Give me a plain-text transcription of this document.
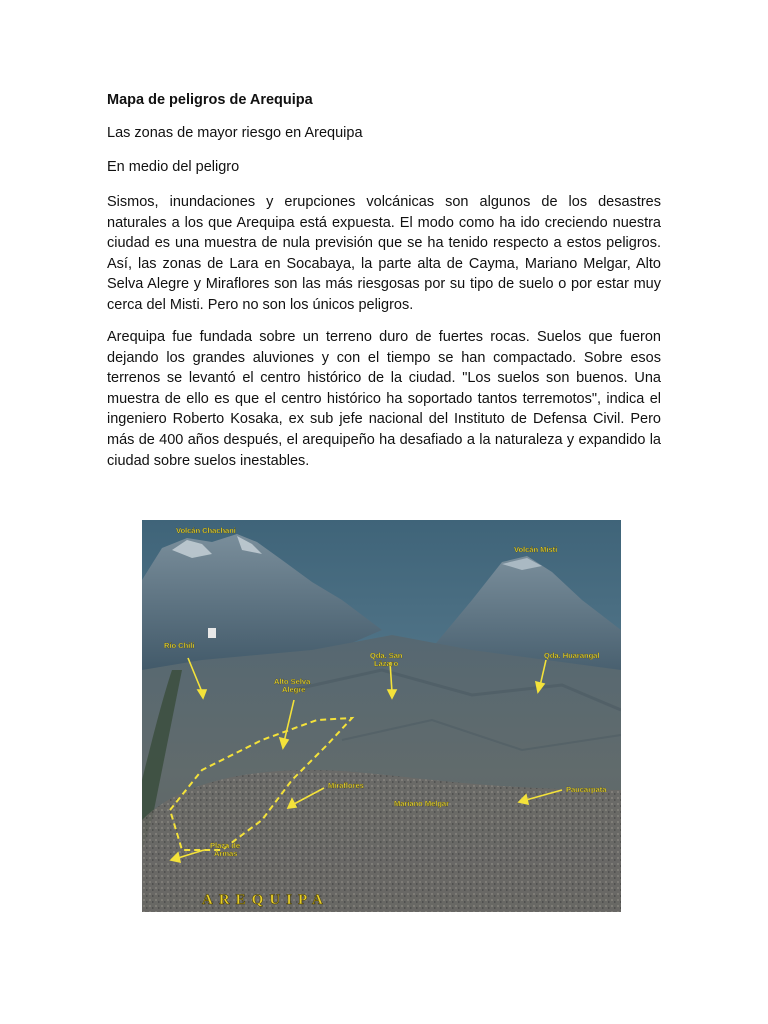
Mapa de peligros de Arequipa

Las zonas de mayor riesgo en Arequipa

En medio del peligro

Sismos, inundaciones y erupciones volcánicas son algunos de los desastres naturales a los que Arequipa está expuesta. El modo como ha ido creciendo nuestra ciudad es una muestra de nula previsión que se ha tenido respecto a estos peligros. Así, las zonas de Lara en Socabaya, la parte alta de Cayma, Mariano Melgar, Alto Selva Alegre y Miraflores son las más riesgosas por su tipo de suelo o por estar muy cerca del Misti. Pero no son los únicos peligros.

Arequipa fue fundada sobre un terreno duro de fuertes rocas. Suelos que fueron dejando los grandes aluviones y con el tiempo se han compactado. Sobre esos terrenos se levantó el centro histórico de la ciudad. "Los suelos son buenos. Una muestra de ello es que el centro histórico ha soportado tantos terremotos", indica el ingeniero Roberto Kosaka, ex sub jefe nacional del Instituto de Defensa Civil. Pero más de 400 años después, el arequipeño ha desafiado a la naturaleza y expandido la ciudad sobre suelos inestables.

Volcán Chachani
Volcán Misti
Río Chili
Qda. San
Lázaro
Qda. Huarangal
Alto Selva
Alegre
Miraflores
Mariano Melgar
Paucarpata
Plaza de
Armas
AREQUIPA
